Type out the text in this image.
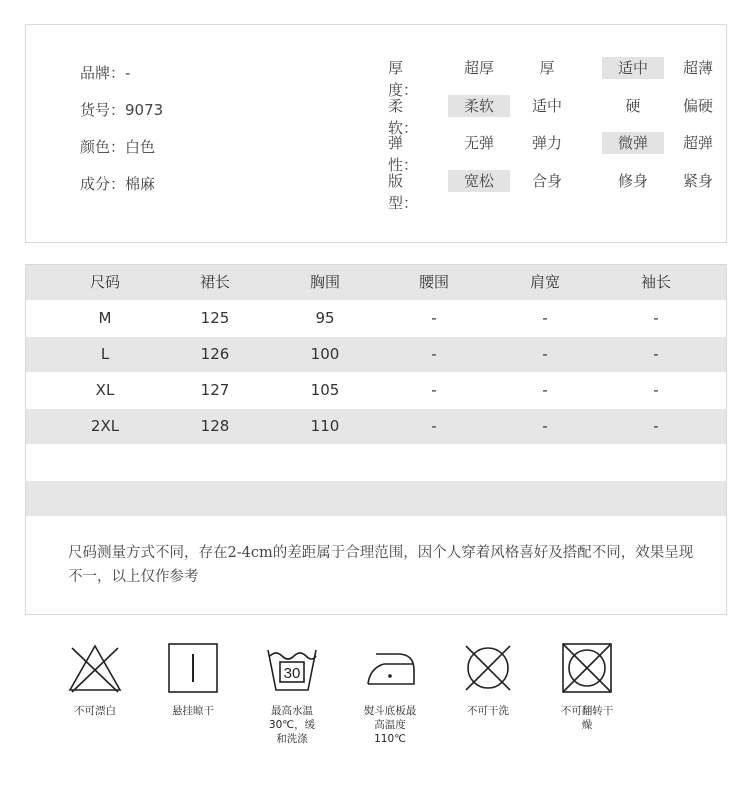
品牌：-
货号：9073
颜色：白色
成分：棉麻
厚度：
超厚	厚	适中	超薄
柔软：
柔软	适中	硬	偏硬
弹性：
无弹	弹力	微弹	超弹
版型：
宽松	合身	修身	紧身
尺码	裙长	胸围	腰围	肩宽	袖长
M	125	95	-	-	-
L	126	100	-	-	-
XL	127	105	-	-	-
2XL	128	110	-	-	-
尺码测量方式不同，存在2-4cm的差距属于合理范围，因个人穿着风格喜好及搭配不同，效果呈现不一，以上仅作参考
不可漂白	悬挂晾干
30
最高水温
30℃，缓
和洗涤
熨斗底板最
高温度
110℃
不可干洗	不可翻转干
燥
